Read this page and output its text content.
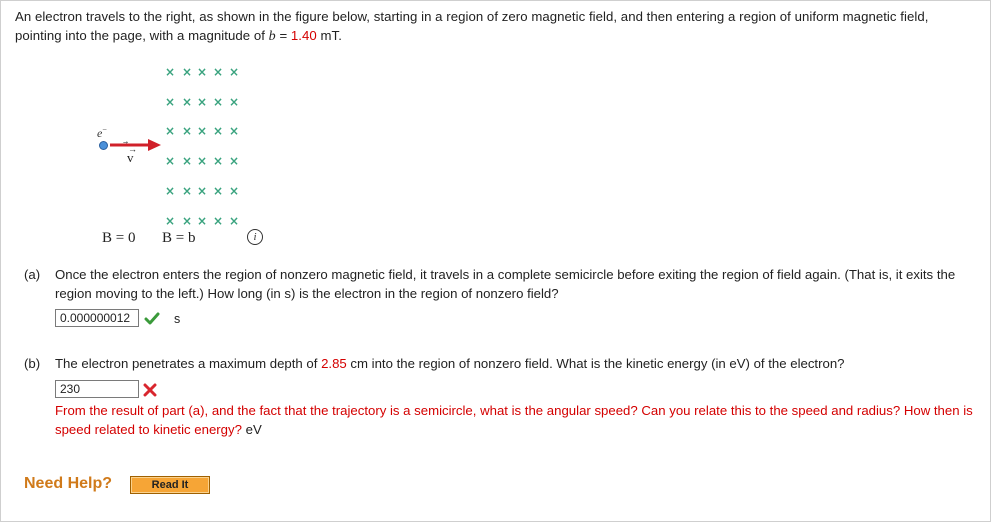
An electron travels to the right, as shown in the figure below, starting in a region of zero magnetic field, and then entering a region of uniform magnetic field, pointing into the page, with a magnitude of b = 1.40 mT.
e−
→
v
× × × × ×
× × × × ×
× × × × ×
× × × × ×
× × × × ×
× × × × ×
B = 0 B = b	i
(a) Once the electron enters the region of nonzero magnetic field, it travels in a complete semicircle before exiting the region of field again. (That is, it exits the region moving to the left.) How long (in s) is the electron in the region of nonzero field?
0.000000012	s
(b) The electron penetrates a maximum depth of 2.85 cm into the region of nonzero field. What is the kinetic energy (in eV) of the electron?
230
From the result of part (a), and the fact that the trajectory is a semicircle, what is the angular speed? Can you relate this to the speed and radius? How then is speed related to kinetic energy? eV
Need Help?	Read It
